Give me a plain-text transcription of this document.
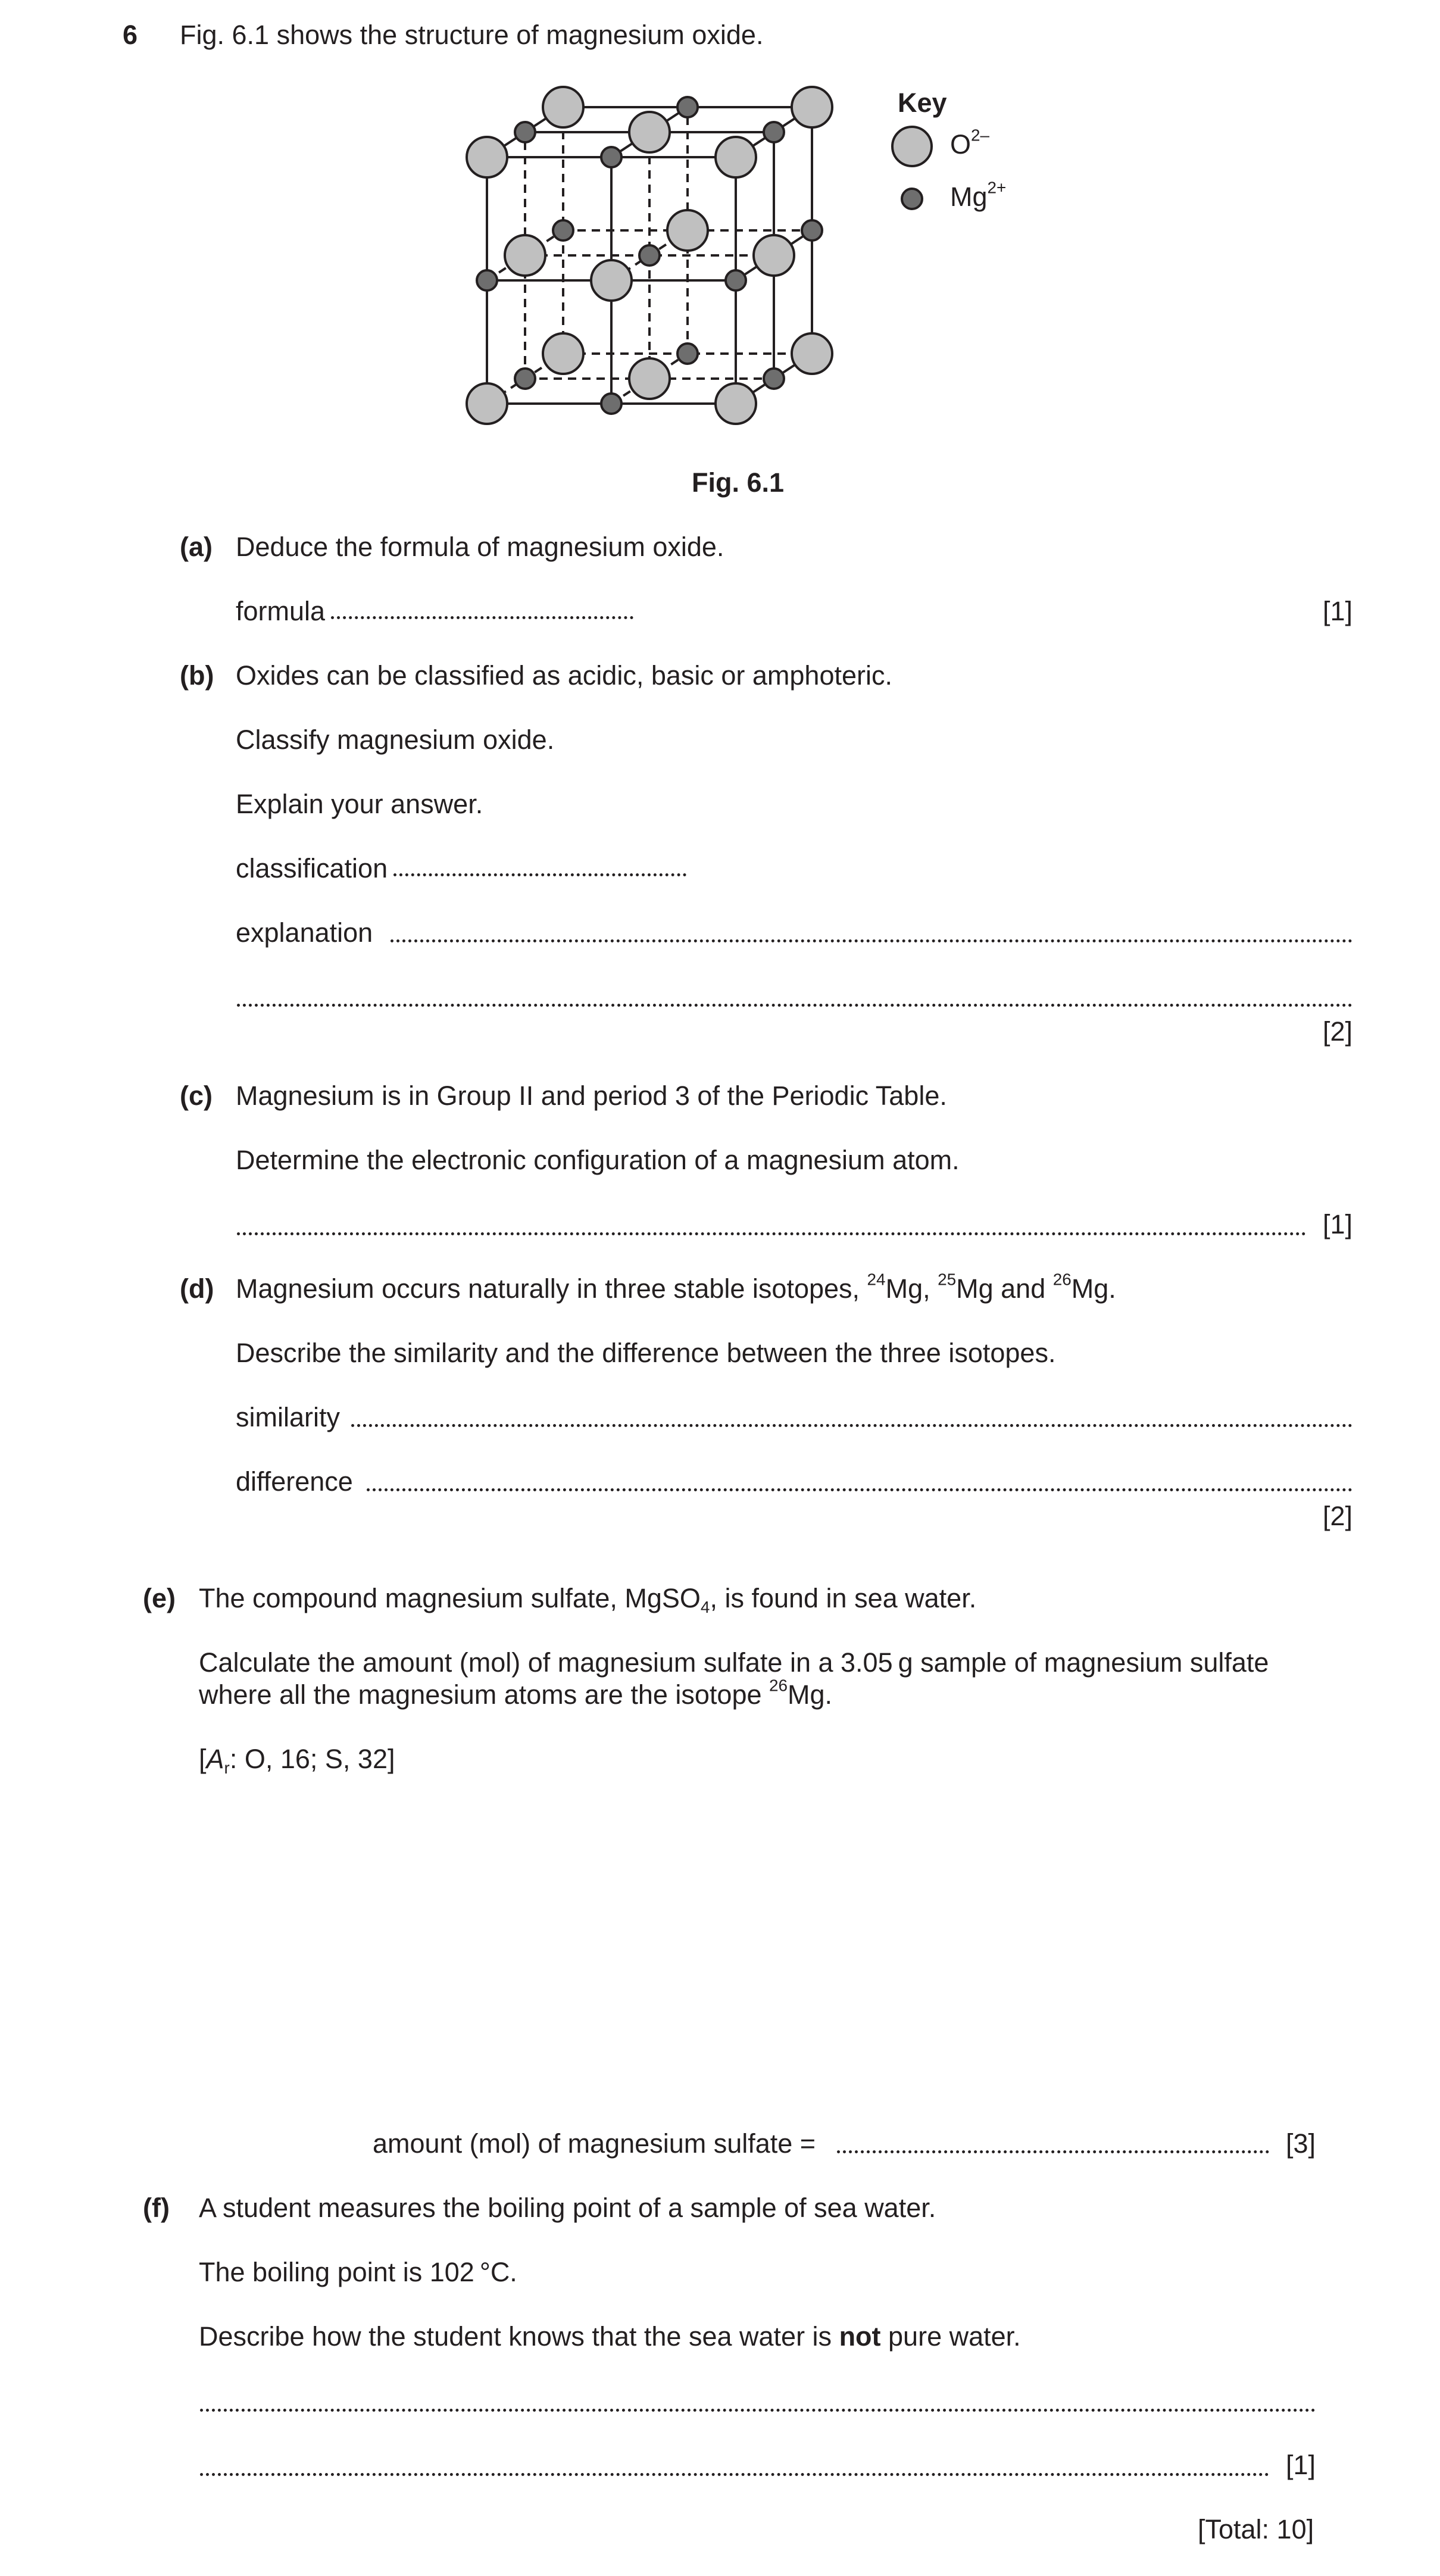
6 Fig. 6.1 shows the structure of magnesium oxide.
Key
$O^{2-}$
$Mg^{2+}$
Fig. 6.1
(a) Deduce the formula of magnesium oxide.
formula	[1]
(b) Oxides can be classified as acidic, basic or amphoteric.
Classify magnesium oxide.
Explain your answer.
classification
explanation
[2]
(c) Magnesium is in Group II and period 3 of the Periodic Table.
Determine the electronic configuration of a magnesium atom.
[1]
(d) Magnesium occurs naturally in three stable isotopes, $^{24}$Mg, $^{25}$Mg and $^{26}$Mg.
Describe the similarity and the difference between the three isotopes.
similarity
difference
[2]
(e) The compound magnesium sulfate, MgSO$_4$, is found in sea water.
Calculate the amount (mol) of magnesium sulfate in a 3.05 g sample of magnesium sulfate
where all the magnesium atoms are the isotope $^{26}$Mg.
[$A_r$: O, 16; S, 32]
amount (mol) of magnesium sulfate =	[3]
(f) A student measures the boiling point of a sample of sea water.
The boiling point is 102 °C.
Describe how the student knows that the sea water is not pure water.
[1]
[Total: 10]
